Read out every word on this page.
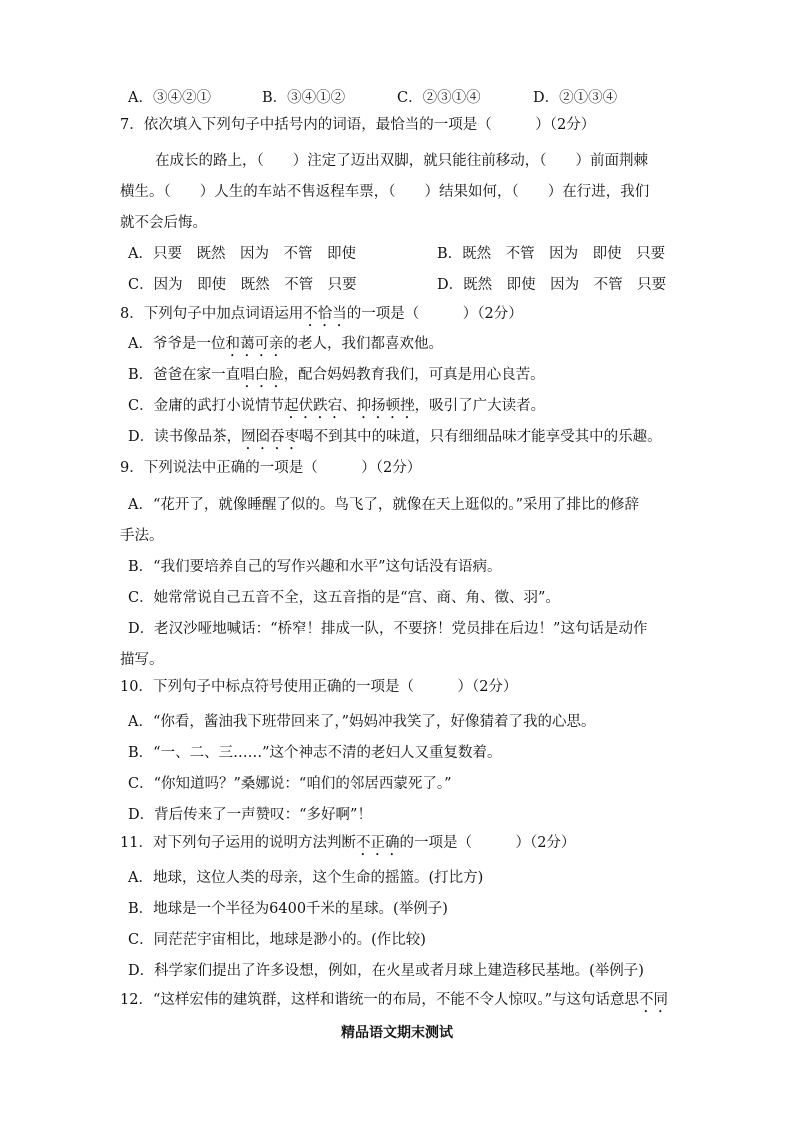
A．③④②①	B．③④①②	C．②③①④	D．②①③④
7．依次填入下列句子中括号内的词语，最恰当的一项是（　　　）（2分）
在成长的路上，（　　）注定了迈出双脚，就只能往前移动，（　　）前面荆棘
横生。（　　）人生的车站不售返程车票，（　　）结果如何，（　　）在行进，我们
就不会后悔。
A．只要　既然　因为　不管　即使	B．既然　不管　因为　即使　只要
C．因为　即使　既然　不管　只要	D．既然　即使　因为　不管　只要
8．下列句子中加点词语运用不恰当的一项是（　　　）（2分）
A．爷爷是一位和蔼可亲的老人，我们都喜欢他。
B．爸爸在家一直唱白脸，配合妈妈教育我们，可真是用心良苦。
C．金庸的武打小说情节起伏跌宕、抑扬顿挫，吸引了广大读者。
D．读书像品茶，囫囵吞枣喝不到其中的味道，只有细细品味才能享受其中的乐趣。
9．下列说法中正确的一项是（　　　）（2分）
A．“花开了，就像睡醒了似的。鸟飞了，就像在天上逛似的。”采用了排比的修辞
手法。
B．“我们要培养自己的写作兴趣和水平”这句话没有语病。
C．她常常说自己五音不全，这五音指的是“宫、商、角、徵、羽”。
D．老汉沙哑地喊话：“桥窄！排成一队，不要挤！党员排在后边！”这句话是动作
描写。
10．下列句子中标点符号使用正确的一项是（　　　）（2分）
A．“你看，酱油我下班带回来了，”妈妈冲我笑了，好像猜着了我的心思。
B．“一、二、三……”这个神志不清的老妇人又重复数着。
C．“你知道吗？”桑娜说：“咱们的邻居西蒙死了。”
D．背后传来了一声赞叹：“多好啊”！
11．对下列句子运用的说明方法判断不正确的一项是（　　　）（2分）
A．地球，这位人类的母亲，这个生命的摇篮。(打比方)
B．地球是一个半径为6400千米的星球。(举例子)
C．同茫茫宇宙相比，地球是渺小的。(作比较)
D．科学家们提出了许多设想，例如，在火星或者月球上建造移民基地。(举例子)
12．“这样宏伟的建筑群，这样和谐统一的布局，不能不令人惊叹。”与这句话意思不同
精品语文期末测试
